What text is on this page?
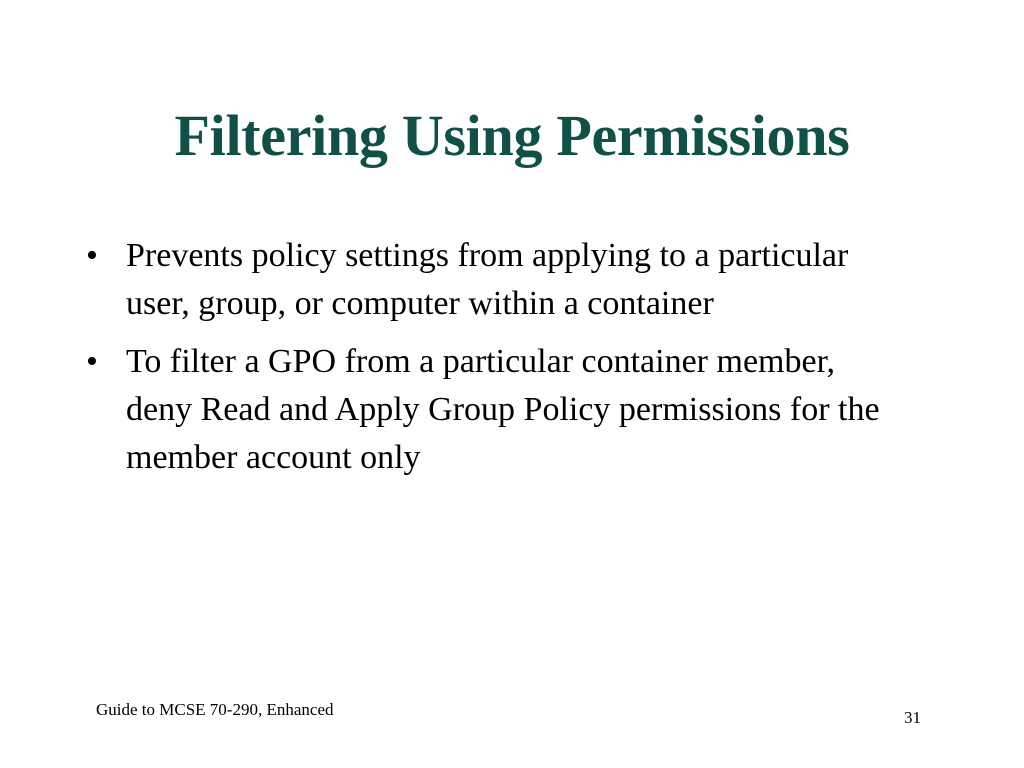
Filtering Using Permissions
• Prevents policy settings from applying to a particular user, group, or computer within a container
• To filter a GPO from a particular container member, deny Read and Apply Group Policy permissions for the member account only
Guide to MCSE 70-290, Enhanced	31
